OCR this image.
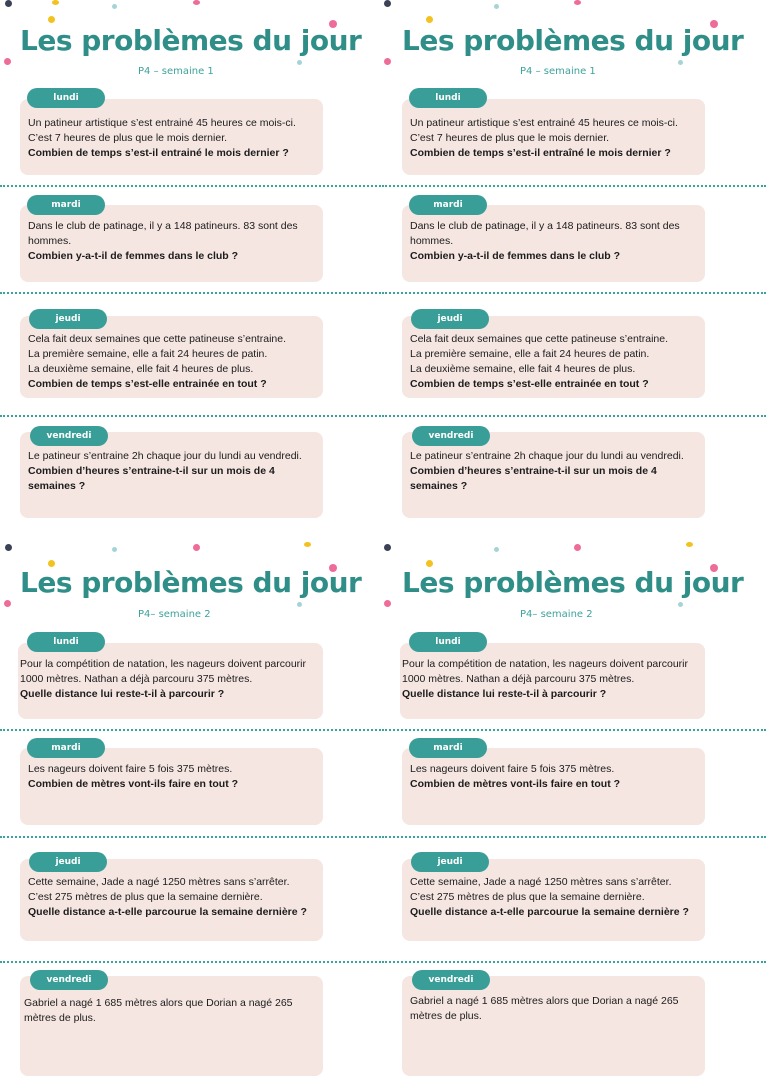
Les problèmes du jour
P4 – semaine 1
Un patineur artistique s’est entrainé 45 heures ce mois-ci.
C’est 7 heures de plus que le mois dernier.
Combien de temps s’est-il entrainé le mois dernier ?
lundi
Dans le club de patinage, il y a 148 patineurs. 83 sont des hommes.
Combien y-a-t-il de femmes dans le club ?
mardi
Cela fait deux semaines que cette patineuse s’entraine.
La première semaine, elle a fait 24 heures de patin.
La deuxième semaine, elle fait 4 heures de plus.
Combien de temps s’est-elle entrainée en tout ?
jeudi
Le patineur s’entraine 2h chaque jour du lundi au vendredi.
Combien d’heures s’entraine-t-il sur un mois de 4 semaines ?
vendredi
Les problèmes du jour
P4 – semaine 1
Un patineur artistique s’est entrainé 45 heures ce mois-ci. C’est 7 heures de plus que le mois dernier.
Combien de temps s’est-il entraîné le mois dernier ?
lundi
Dans le club de patinage, il y a 148 patineurs. 83 sont des hommes.
Combien y-a-t-il de femmes dans le club ?
mardi
Cela fait deux semaines que cette patineuse s’entraine.
La première semaine, elle a fait 24 heures de patin.
La deuxième semaine, elle fait 4 heures de plus.
Combien de temps s’est-elle entrainée en tout ?
jeudi
Le patineur s’entraine 2h chaque jour du lundi au vendredi.
Combien d’heures s’entraine-t-il sur un mois de 4 semaines ?
vendredi
Les problèmes du jour
P4– semaine 2
Pour la compétition de natation, les nageurs doivent parcourir 1000 mètres. Nathan a déjà parcouru 375 mètres.
Quelle distance lui reste-t-il à parcourir ?
lundi
Les nageurs doivent faire 5 fois 375 mètres.
Combien de mètres vont-ils faire en tout ?
mardi
Cette semaine, Jade a nagé 1250 mètres sans s’arrêter.
C’est 275 mètres de plus que la semaine dernière.
Quelle distance a-t-elle parcourue la semaine dernière ?
jeudi
Gabriel a nagé 1 685 mètres alors que Dorian a nagé 265 mètres de plus.
vendredi
Les problèmes du jour
P4– semaine 2
Pour la compétition de natation, les nageurs doivent parcourir 1000 mètres. Nathan a déjà parcouru 375 mètres.
Quelle distance lui reste-t-il à parcourir ?
lundi
Les nageurs doivent faire 5 fois 375 mètres.
Combien de mètres vont-ils faire en tout ?
mardi
Cette semaine, Jade a nagé 1250 mètres sans s’arrêter.
C’est 275 mètres de plus que la semaine dernière.
Quelle distance a-t-elle parcourue la semaine dernière ?
jeudi
Gabriel a nagé 1 685 mètres alors que Dorian a nagé 265 mètres de plus.
vendredi
